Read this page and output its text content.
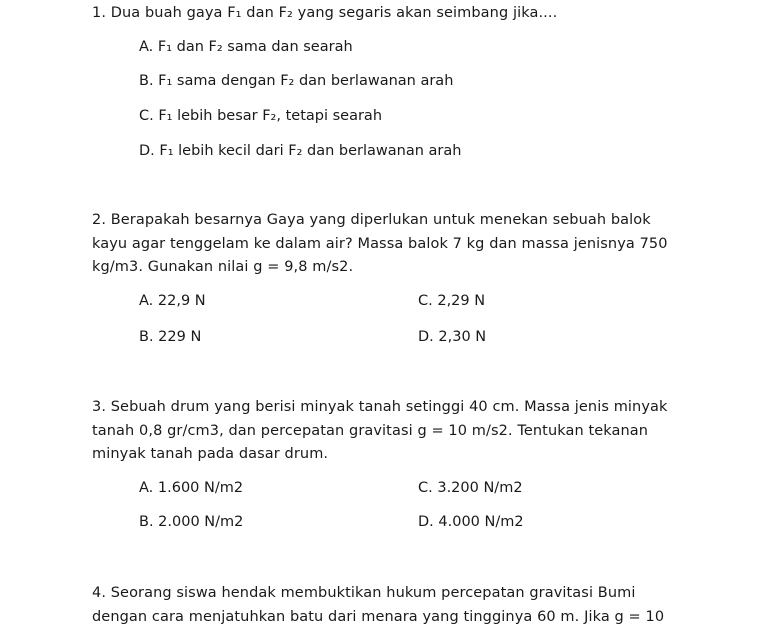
1. Dua buah gaya F₁ dan F₂ yang segaris akan seimbang jika....
A. F₁ dan F₂ sama dan searah
B. F₁ sama dengan F₂ dan berlawanan arah
C. F₁ lebih besar F₂, tetapi searah
D. F₁ lebih kecil dari F₂ dan berlawanan arah
2. Berapakah besarnya Gaya yang diperlukan untuk menekan sebuah balok kayu agar tenggelam ke dalam air? Massa balok 7 kg dan massa jenisnya 750 kg/m3. Gunakan nilai g = 9,8 m/s2.
A. 22,9 N	C. 2,29 N
B. 229 N	D. 2,30 N
3. Sebuah drum yang berisi minyak tanah setinggi 40 cm. Massa jenis minyak tanah 0,8 gr/cm3, dan percepatan gravitasi g = 10 m/s2. Tentukan tekanan minyak tanah pada dasar drum.
A. 1.600 N/m2	C. 3.200 N/m2
B. 2.000 N/m2	D. 4.000 N/m2
4. Seorang siswa hendak membuktikan hukum percepatan gravitasi Bumi dengan cara menjatuhkan batu dari menara yang tingginya 60 m. Jika g = 10
